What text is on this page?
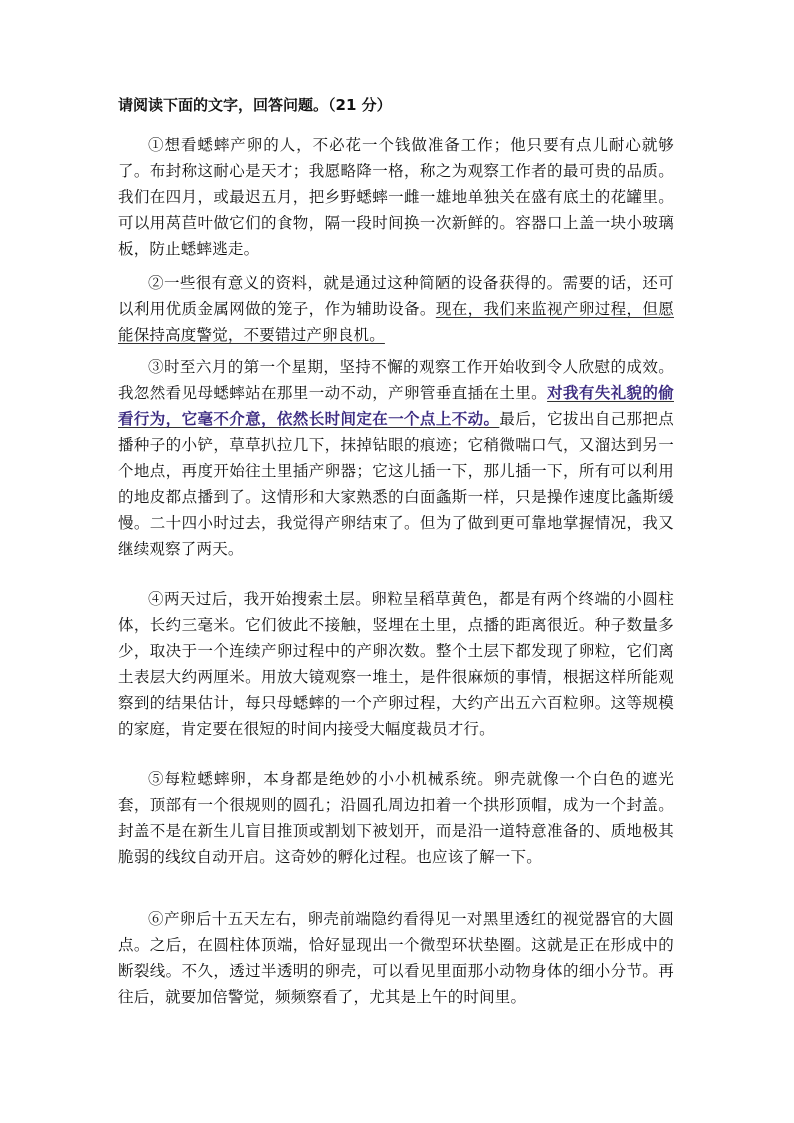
请阅读下面的文字，回答问题。（21 分）
①想看蟋蟀产卵的人，不必花一个钱做准备工作；他只要有点儿耐心就够了。布封称这耐心是天才；我愿略降一格，称之为观察工作者的最可贵的品质。我们在四月，或最迟五月，把乡野蟋蟀一雌一雄地单独关在盛有底土的花罐里。可以用莴苣叶做它们的食物，隔一段时间换一次新鲜的。容器口上盖一块小玻璃板，防止蟋蟀逃走。
②一些很有意义的资料，就是通过这种简陋的设备获得的。需要的话，还可以利用优质金属网做的笼子，作为辅助设备。现在，我们来监视产卵过程，但愿能保持高度警觉，不要错过产卵良机。
③时至六月的第一个星期，坚持不懈的观察工作开始收到令人欣慰的成效。我忽然看见母蟋蟀站在那里一动不动，产卵管垂直插在土里。对我有失礼貌的偷看行为，它毫不介意，依然长时间定在一个点上不动。最后，它拔出自己那把点播种子的小铲，草草扒拉几下，抹掉钻眼的痕迹；它稍微喘口气，又溜达到另一个地点，再度开始往土里插产卵器；它这儿插一下，那儿插一下，所有可以利用的地皮都点播到了。这情形和大家熟悉的白面螽斯一样，只是操作速度比螽斯缓慢。二十四小时过去，我觉得产卵结束了。但为了做到更可靠地掌握情况，我又继续观察了两天。
④两天过后，我开始搜索土层。卵粒呈稻草黄色，都是有两个终端的小圆柱体，长约三毫米。它们彼此不接触，竖埋在土里，点播的距离很近。种子数量多少，取决于一个连续产卵过程中的产卵次数。整个土层下都发现了卵粒，它们离土表层大约两厘米。用放大镜观察一堆土，是件很麻烦的事情，根据这样所能观察到的结果估计，每只母蟋蟀的一个产卵过程，大约产出五六百粒卵。这等规模的家庭，肯定要在很短的时间内接受大幅度裁员才行。
⑤每粒蟋蟀卵，本身都是绝妙的小小机械系统。卵壳就像一个白色的遮光套，顶部有一个很规则的圆孔；沿圆孔周边扣着一个拱形顶帽，成为一个封盖。封盖不是在新生儿盲目推顶或割划下被划开，而是沿一道特意准备的、质地极其脆弱的线纹自动开启。这奇妙的孵化过程。也应该了解一下。
⑥产卵后十五天左右，卵壳前端隐约看得见一对黑里透红的视觉器官的大圆点。之后，在圆柱体顶端，恰好显现出一个微型环状垫圈。这就是正在形成中的断裂线。不久，透过半透明的卵壳，可以看见里面那小动物身体的细小分节。再往后，就要加倍警觉，频频察看了，尤其是上午的时间里。
